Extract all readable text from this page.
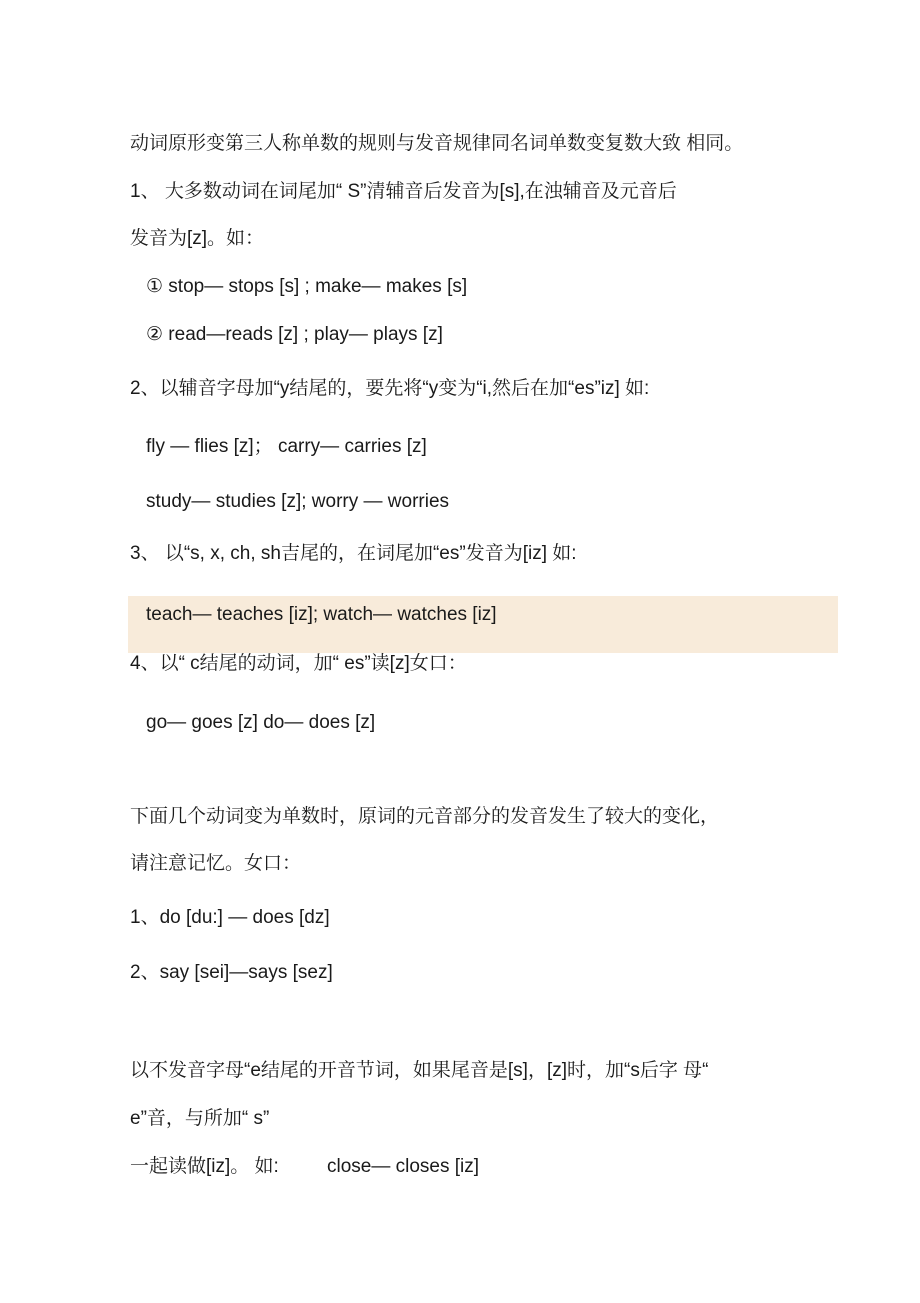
动词原形变第三人称单数的规则与发音规律同名词单数变复数大致 相同。
1、 大多数动词在词尾加“ S”清辅音后发音为[s],在浊辅音及元音后
发音为[z]。如：
① stop— stops [s] ; make— makes [s]
② read—reads [z] ; play— plays [z]
2、以辅音字母加“y结尾的，要先将“y变为“i,然后在加“es”iz] 如:
fly — flies [z]； carry— carries [z]
study— studies [z]; worry — worries
3、 以“s, x, ch, sh吉尾的，在词尾加“es”发音为[iz] 如:
teach— teaches [iz]; watch— watches [iz]
4、以“ c结尾的动词，加“ es”读[z]女口：
go— goes [z] do— does [z]
下面几个动词变为单数时，原词的元音部分的发音发生了较大的变化，
请注意记忆。女口：
1、do [du:] — does [dz]
2、say [sei]—says [sez]
以不发音字母“e结尾的开音节词，如果尾音是[s]，[z]时，加“s后字 母“
e”音，与所加“ s”
一起读做[iz]。 如:	close— closes [iz]
